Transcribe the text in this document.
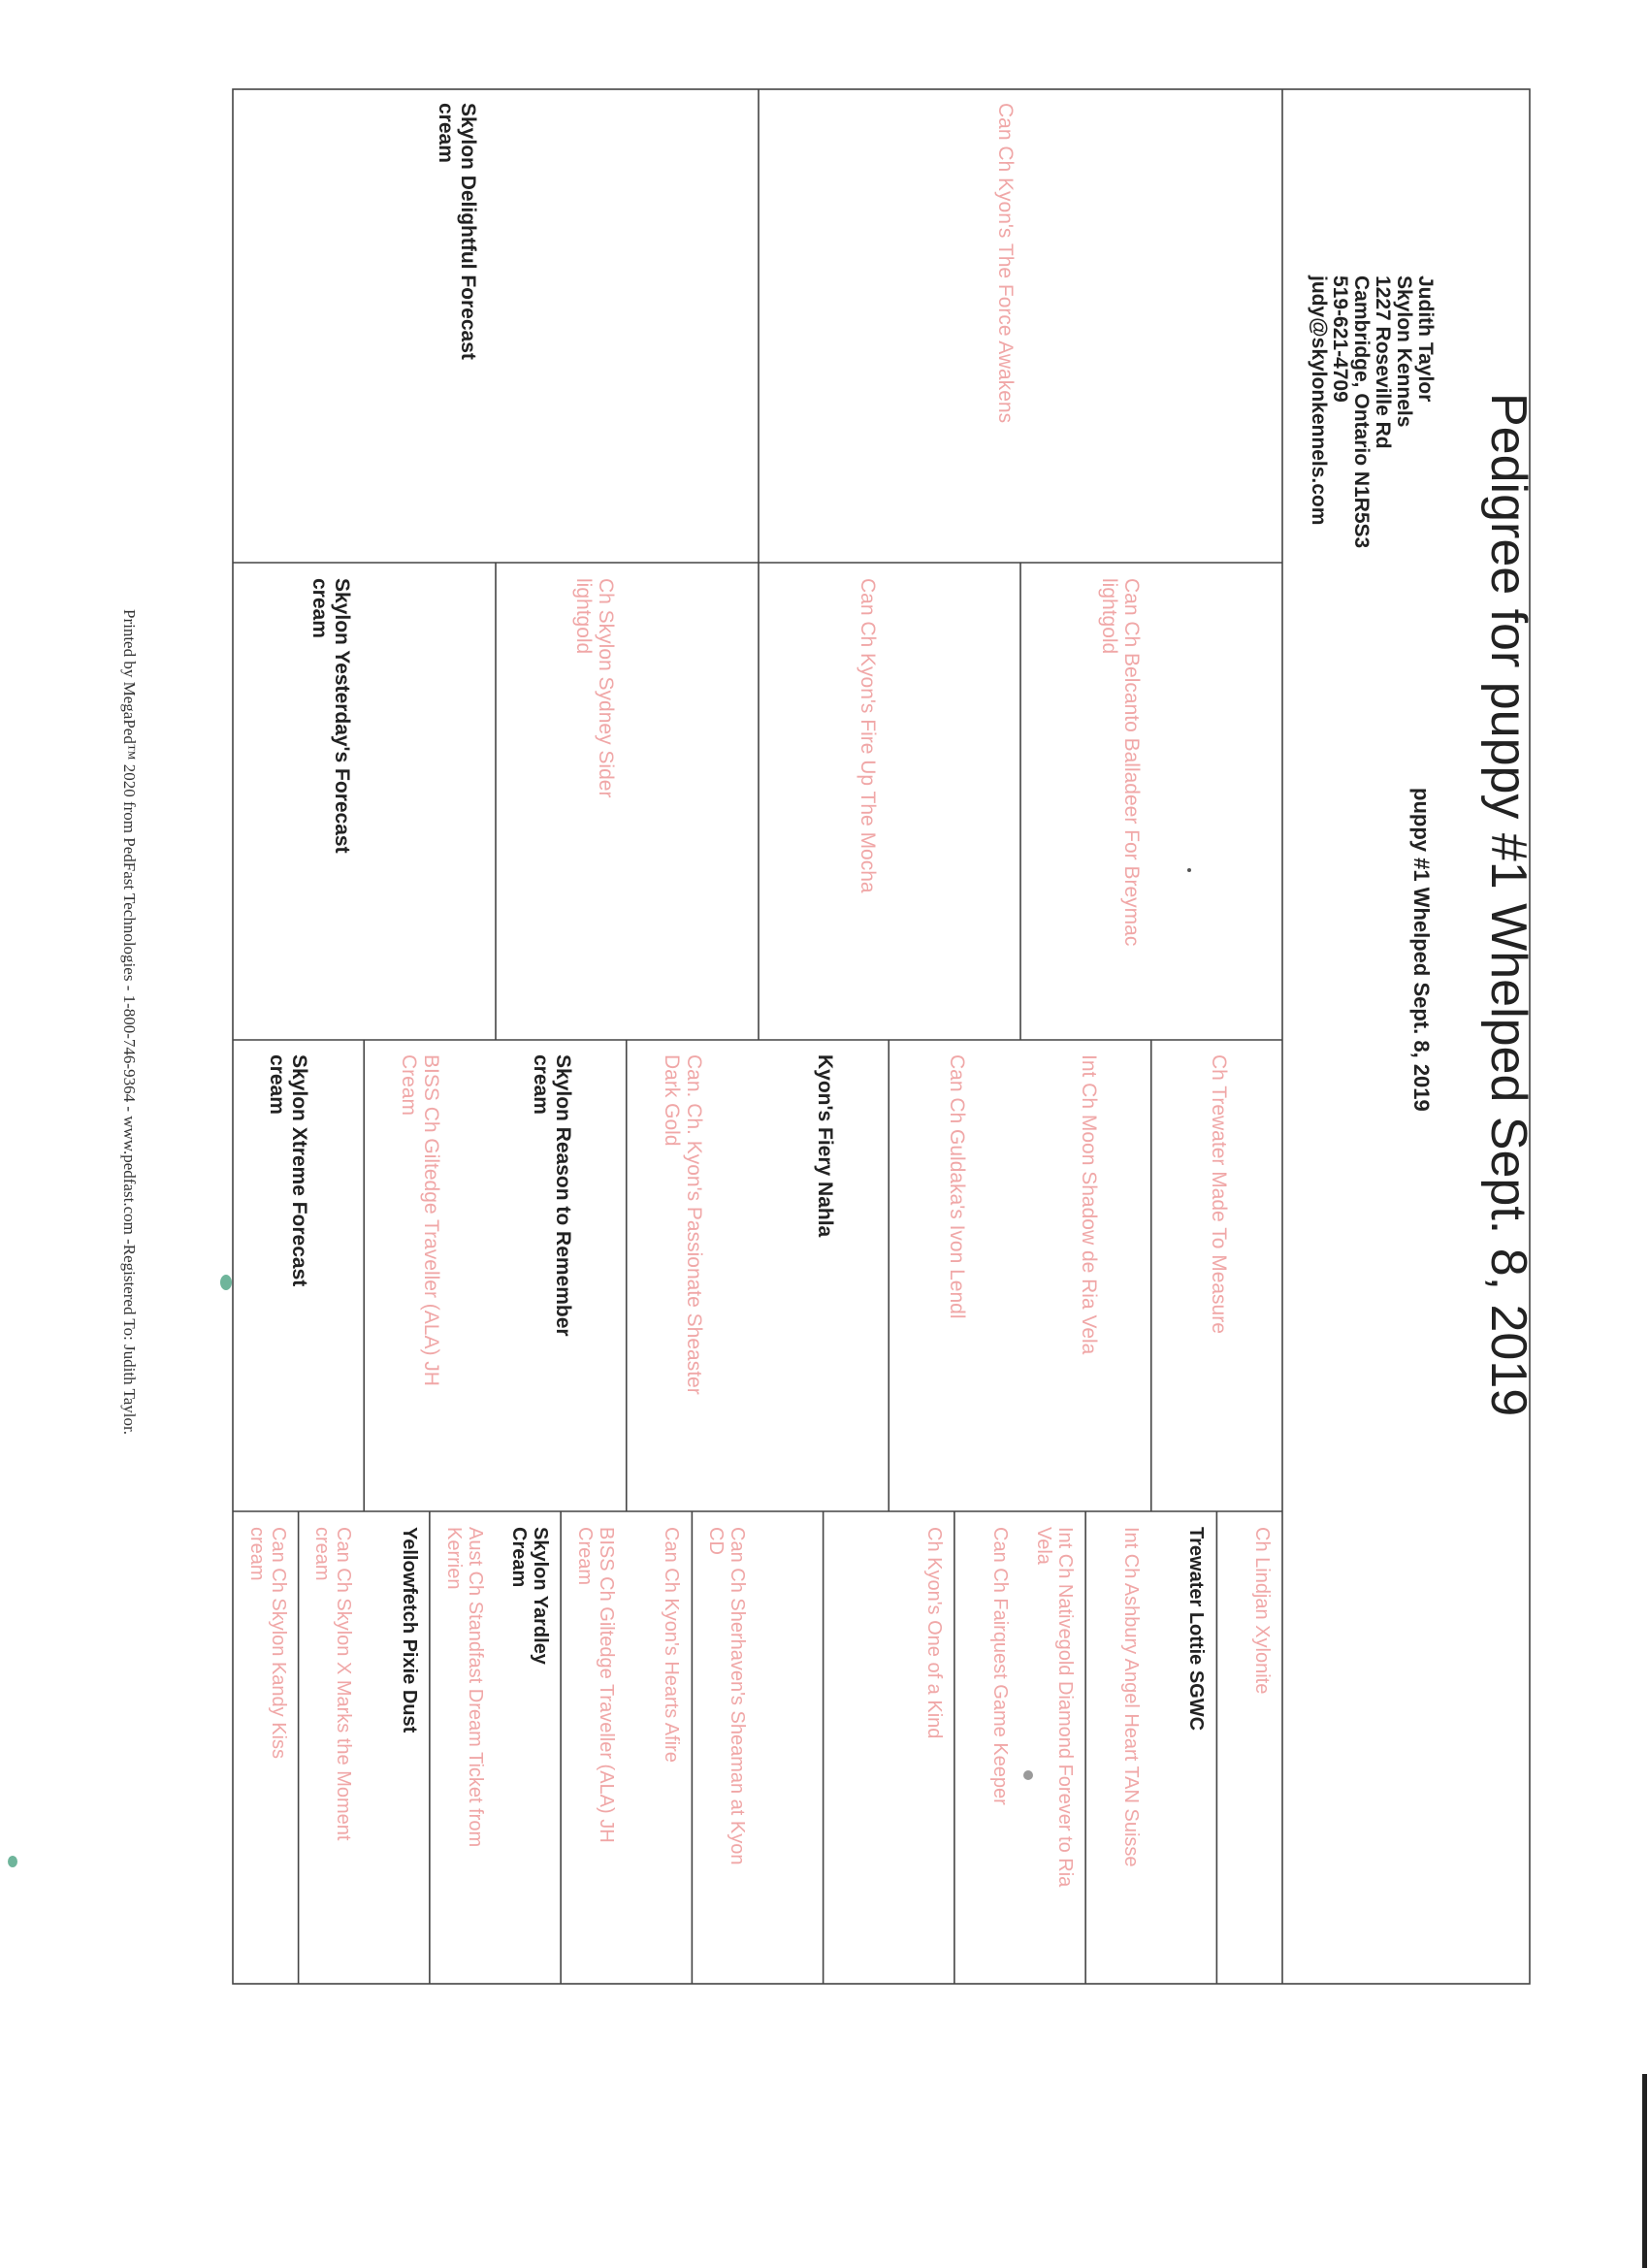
Pedigree for puppy #1 Whelped Sept. 8, 2019
puppy #1 Whelped Sept. 8, 2019
Judith Taylor
Skylon Kennels
1227 Roseville Rd
Cambridge, Ontario N1R5S3
519-621-4709
judy@skylonkennels.com
Can Ch Kyon's The Force Awakens
Skylon Delightful Forecast
cream
Can Ch Belcanto Balladeer For Breymac
lightgold
Can Ch Kyon's Fire Up The Mocha
Ch Skylon Sydney Sider
lightgold
Skylon Yesterday's Forecast
cream
Ch Trewater Made To Measure
Int Ch Moon Shadow de Ria Vela
Can Ch Guldaka's Ivon Lendl
Kyon's Fiery Nahla
Can. Ch. Kyon's Passionate Sheaster
Dark Gold
Skylon Reason to Remember
cream
BISS Ch Giltedge Traveller (ALA) JH
Cream
Skylon Xtreme Forecast
cream
Ch Lindjan Xylonite
Trewater Lottie SGWC
Int Ch Ashbury Angel Heart TAN Suisse
Int Ch Nativegold Diamond Forever to Ria
Vela
Can Ch Fairquest Game Keeper
Ch Kyon's One of a Kind
Can Ch Sherhaven's Sheaman at Kyon
CD
Can Ch Kyon's Hearts Afire
BISS Ch Giltedge Traveller (ALA) JH
Cream
Skylon Yardley
Cream
Aust Ch Standfast Dream Ticket from
Kerrien
Yellowfetch Pixie Dust
Can Ch Skylon X Marks the Moment
cream
Can Ch Skylon Kandy Kiss
cream
Printed by MegaPed™ 2020 from PedFast Technologies - 1-800-746-9364 - www.pedfast.com -Registered To: Judith Taylor.
